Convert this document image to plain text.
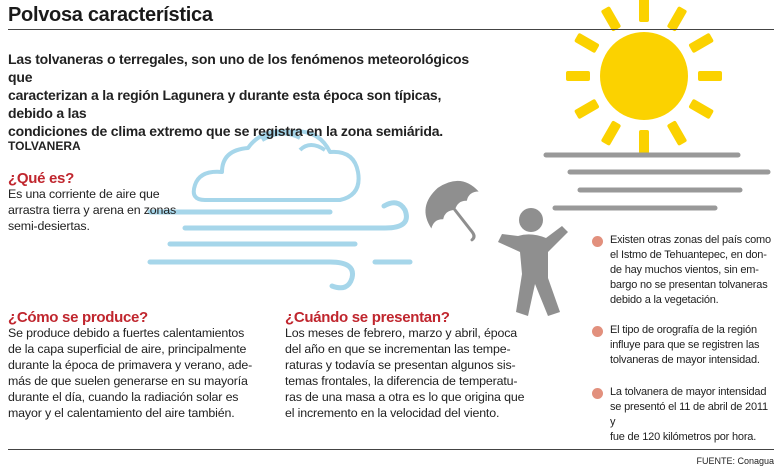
Polvosa característica
Las tolvaneras o terregales, son uno de los fenómenos meteorológicos que
caracterizan a la región Lagunera y durante esta época son típicas, debido a las
condiciones de clima extremo que se registra en la zona semiárida.
TOLVANERA
¿Qué es?
Es una corriente de aire que
arrastra tierra y arena en zonas
semi-desiertas.
¿Cómo se produce?
Se produce debido a fuertes calentamientos
de la capa superficial de aire, principalmente
durante la época de primavera y verano, ade-
más de que suelen generarse en su mayoría
durante el día, cuando la radiación solar es
mayor y el calentamiento del aire también.
¿Cuándo se presentan?
Los meses de febrero, marzo y abril, época
del año en que se incrementan las tempe-
raturas y todavía se presentan algunos sis-
temas frontales, la diferencia de temperatu-
ras de una masa a otra es lo que origina que
el incremento en la velocidad del viento.
Existen otras zonas del país como
el Istmo de Tehuantepec, en don-
de hay muchos vientos, sin em-
bargo no se presentan tolvaneras
debido a la vegetación.
El tipo de orografía de la región
influye para que se registren las
tolvaneras de mayor intensidad.
La tolvanera de mayor intensidad
se presentó el 11 de abril de 2011 y
fue de 120 kilómetros por hora.
FUENTE: Conagua
